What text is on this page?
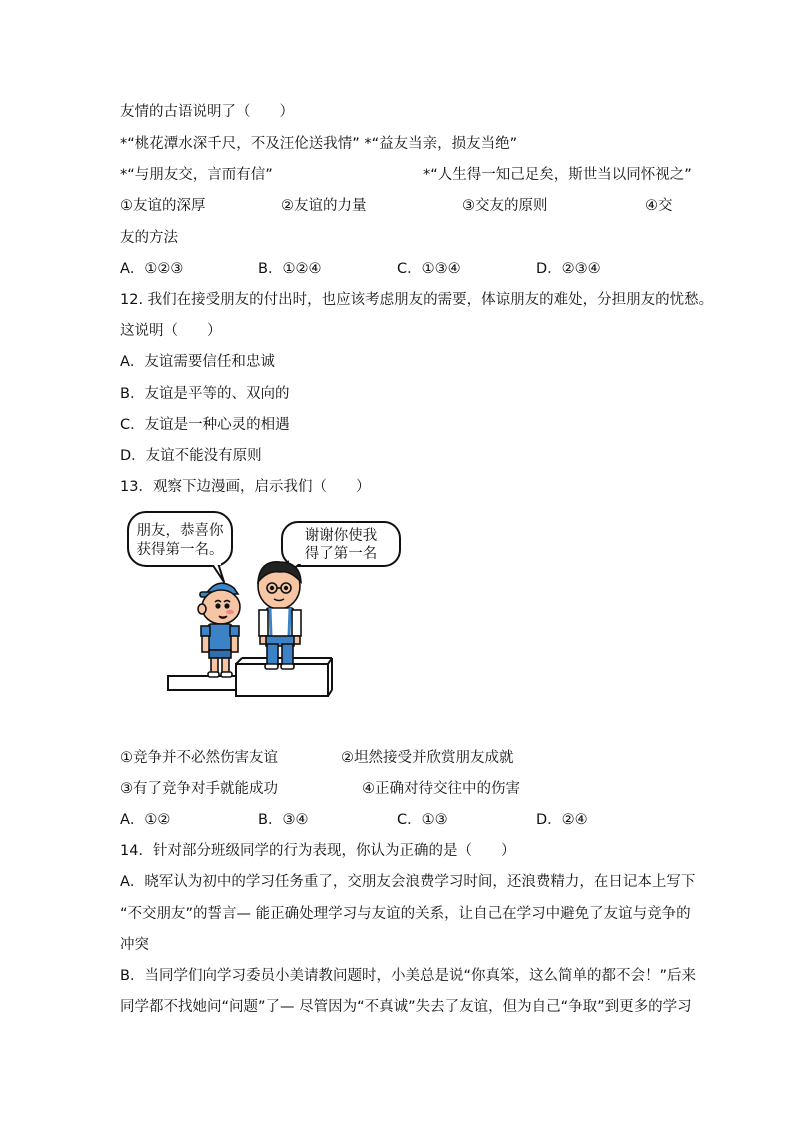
友情的古语说明了（　　）
*“桃花潭水深千尺，不及汪伦送我情” *“益友当亲，损友当绝”
*“与朋友交，言而有信”	*“人生得一知己足矣，斯世当以同怀视之”
①友谊的深厚	②友谊的力量	③交友的原则	④交
友的方法
A．①②③	B．①②④	C．①③④	D．②③④
12. 我们在接受朋友的付出时，也应该考虑朋友的需要，体谅朋友的难处，分担朋友的忧愁。
这说明（　　）
A．友谊需要信任和忠诚
B．友谊是平等的、双向的
C．友谊是一种心灵的相遇
D．友谊不能没有原则
13．观察下边漫画，启示我们（　　）
朋友，恭喜你
获得第一名。
谢谢你使我
得了第一名
①竞争并不必然伤害友谊	②坦然接受并欣赏朋友成就
③有了竞争对手就能成功	④正确对待交往中的伤害
A．①②	B．③④	C．①③	D．②④
14．针对部分班级同学的行为表现，你认为正确的是（　　）
A．晓军认为初中的学习任务重了，交朋友会浪费学习时间，还浪费精力，在日记本上写下
“不交朋友”的誓言— 能正确处理学习与友谊的关系，让自己在学习中避免了友谊与竞争的
冲突
B．当同学们向学习委员小美请教问题时，小美总是说“你真笨，这么简单的都不会！”后来
同学都不找她问“问题”了— 尽管因为“不真诚”失去了友谊，但为自己“争取”到更多的学习
